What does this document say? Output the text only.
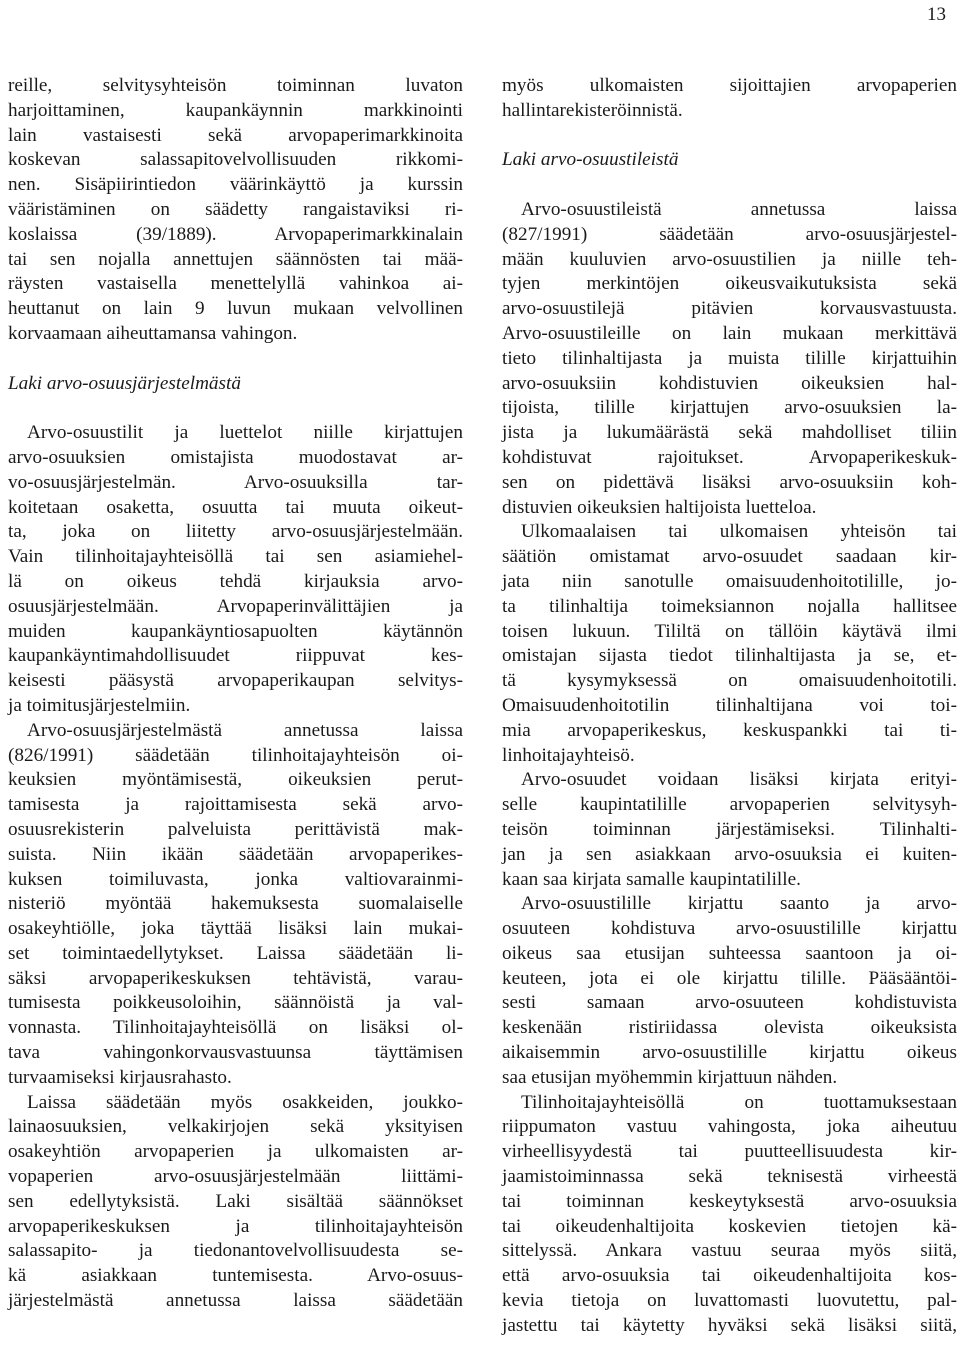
13
reille, selvitysyhteisön toiminnan luvaton
harjoittaminen, kaupankäynnin markkinointi
lain vastaisesti sekä arvopaperimarkkinoita
koskevan salassapitovelvollisuuden rikkomi-
nen. Sisäpiirintiedon väärinkäyttö ja kurssin
vääristäminen on säädetty rangaistaviksi ri-
koslaissa (39/1889). Arvopaperimarkkinalain
tai sen nojalla annettujen säännösten tai mää-
räysten vastaisella menettelyllä vahinkoa ai-
heuttanut on lain 9 luvun mukaan velvollinen
korvaamaan aiheuttamansa vahingon.
Laki arvo-osuusjärjestelmästä
Arvo-osuustilit ja luettelot niille kirjattujen
arvo-osuuksien omistajista muodostavat ar-
vo-osuusjärjestelmän. Arvo-osuuksilla tar-
koitetaan osaketta, osuutta tai muuta oikeut-
ta, joka on liitetty arvo-osuusjärjestelmään.
Vain tilinhoitajayhteisöllä tai sen asiamiehel-
lä on oikeus tehdä kirjauksia arvo-
osuusjärjestelmään. Arvopaperinvälittäjien ja
muiden kaupankäyntiosapuolten käytännön
kaupankäyntimahdollisuudet riippuvat kes-
keisesti pääsystä arvopaperikaupan selvitys-
ja toimitusjärjestelmiin.
Arvo-osuusjärjestelmästä annetussa laissa
(826/1991) säädetään tilinhoitajayhteisön oi-
keuksien myöntämisestä, oikeuksien perut-
tamisesta ja rajoittamisesta sekä arvo-
osuusrekisterin palveluista perittävistä mak-
suista. Niin ikään säädetään arvopaperikes-
kuksen toimiluvasta, jonka valtiovarainmi-
nisteriö myöntää hakemuksesta suomalaiselle
osakeyhtiölle, joka täyttää lisäksi lain mukai-
set toimintaedellytykset. Laissa säädetään li-
säksi arvopaperikeskuksen tehtävistä, varau-
tumisesta poikkeusoloihin, säännöistä ja val-
vonnasta. Tilinhoitajayhteisöllä on lisäksi ol-
tava vahingonkorvausvastuunsa täyttämisen
turvaamiseksi kirjausrahasto.
Laissa säädetään myös osakkeiden, joukko-
lainaosuuksien, velkakirjojen sekä yksityisen
osakeyhtiön arvopaperien ja ulkomaisten ar-
vopaperien arvo-osuusjärjestelmään liittämi-
sen edellytyksistä. Laki sisältää säännökset
arvopaperikeskuksen ja tilinhoitajayhteisön
salassapito- ja tiedonantovelvollisuudesta se-
kä asiakkaan tuntemisesta. Arvo-osuus-
järjestelmästä annetussa laissa säädetään
myös ulkomaisten sijoittajien arvopaperien
hallintarekisteröinnistä.
Laki arvo-osuustileistä
Arvo-osuustileistä annetussa laissa
(827/1991) säädetään arvo-osuusjärjestel-
mään kuuluvien arvo-osuustilien ja niille teh-
tyjen merkintöjen oikeusvaikutuksista sekä
arvo-osuustilejä pitävien korvausvastuusta.
Arvo-osuustileille on lain mukaan merkittävä
tieto tilinhaltijasta ja muista tilille kirjattuihin
arvo-osuuksiin kohdistuvien oikeuksien hal-
tijoista, tilille kirjattujen arvo-osuuksien la-
jista ja lukumäärästä sekä mahdolliset tiliin
kohdistuvat rajoitukset. Arvopaperikeskuk-
sen on pidettävä lisäksi arvo-osuuksiin koh-
distuvien oikeuksien haltijoista luetteloa.
Ulkomaalaisen tai ulkomaisen yhteisön tai
säätiön omistamat arvo-osuudet saadaan kir-
jata niin sanotulle omaisuudenhoitotilille, jo-
ta tilinhaltija toimeksiannon nojalla hallitsee
toisen lukuun. Tililtä on tällöin käytävä ilmi
omistajan sijasta tiedot tilinhaltijasta ja se, et-
tä kysymyksessä on omaisuudenhoitotili.
Omaisuudenhoitotilin tilinhaltijana voi toi-
mia arvopaperikeskus, keskuspankki tai ti-
linhoitajayhteisö.
Arvo-osuudet voidaan lisäksi kirjata erityi-
selle kaupintatilille arvopaperien selvitysyh-
teisön toiminnan järjestämiseksi. Tilinhalti-
jan ja sen asiakkaan arvo-osuuksia ei kuiten-
kaan saa kirjata samalle kaupintatilille.
Arvo-osuustilille kirjattu saanto ja arvo-
osuuteen kohdistuva arvo-osuustilille kirjattu
oikeus saa etusijan suhteessa saantoon ja oi-
keuteen, jota ei ole kirjattu tilille. Pääsääntöi-
sesti samaan arvo-osuuteen kohdistuvista
keskenään ristiriidassa olevista oikeuksista
aikaisemmin arvo-osuustilille kirjattu oikeus
saa etusijan myöhemmin kirjattuun nähden.
Tilinhoitajayhteisöllä on tuottamuksestaan
riippumaton vastuu vahingosta, joka aiheutuu
virheellisyydestä tai puutteellisuudesta kir-
jaamistoiminnassa sekä teknisestä virheestä
tai toiminnan keskeytyksestä arvo-osuuksia
tai oikeudenhaltijoita koskevien tietojen kä-
sittelyssä. Ankara vastuu seuraa myös siitä,
että arvo-osuuksia tai oikeudenhaltijoita kos-
kevia tietoja on luvattomasti luovutettu, pal-
jastettu tai käytetty hyväksi sekä lisäksi siitä,
